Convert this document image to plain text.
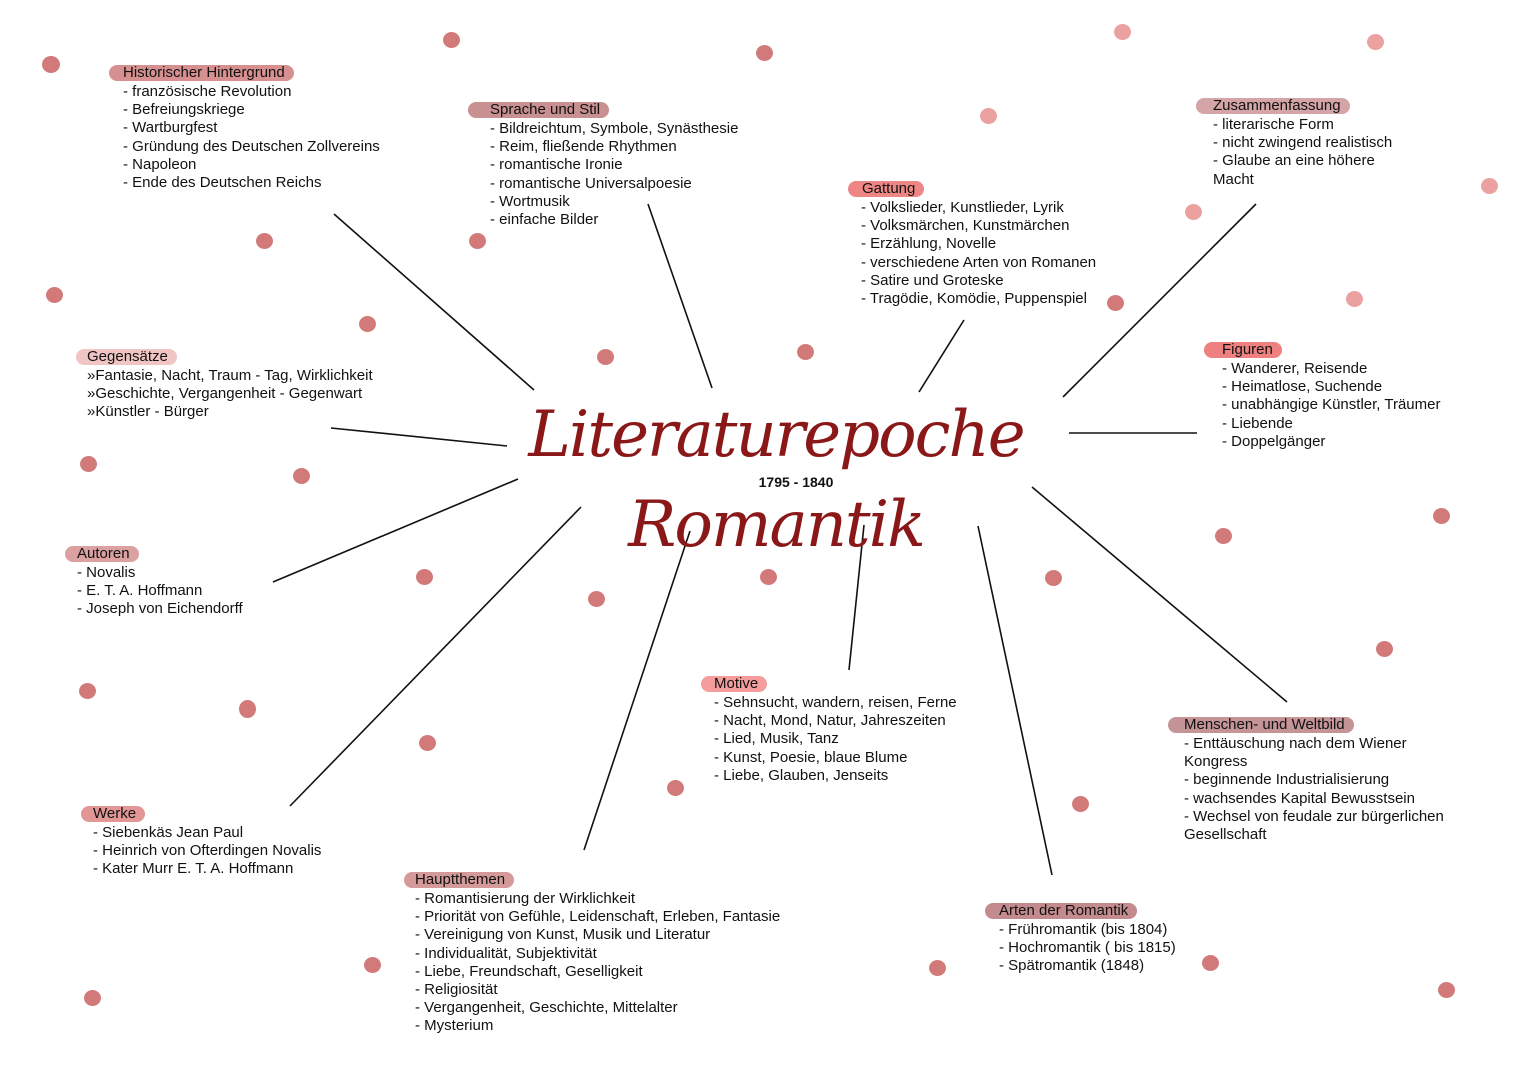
Literaturepoche Romantik
1795 - 1840
Historischer Hintergrund
- französische Revolution
- Befreiungskriege
- Wartburgfest
- Gründung des Deutschen Zollvereins
- Napoleon
- Ende des Deutschen Reichs
Sprache und Stil
- Bildreichtum, Symbole, Synästhesie
- Reim, fließende Rhythmen
- romantische Ironie
- romantische Universalpoesie
- Wortmusik
- einfache Bilder
Gattung
- Volkslieder, Kunstlieder, Lyrik
- Volksmärchen, Kunstmärchen
- Erzählung, Novelle
- verschiedene Arten von Romanen
- Satire und Groteske
- Tragödie, Komödie, Puppenspiel
Zusammenfassung
- literarische Form
- nicht zwingend realistisch
- Glaube an eine höhere
Macht
Gegensätze
»Fantasie, Nacht, Traum - Tag, Wirklichkeit
»Geschichte, Vergangenheit - Gegenwart
»Künstler - Bürger
Figuren
- Wanderer, Reisende
- Heimatlose, Suchende
- unabhängige Künstler, Träumer
- Liebende
- Doppelgänger
Autoren
- Novalis
- E. T. A. Hoffmann
- Joseph von Eichendorff
Motive
- Sehnsucht, wandern, reisen, Ferne
- Nacht, Mond, Natur, Jahreszeiten
- Lied, Musik, Tanz
- Kunst, Poesie, blaue Blume
- Liebe, Glauben, Jenseits
Menschen- und Weltbild
- Enttäuschung nach dem Wiener
Kongress
- beginnende Industrialisierung
- wachsendes Kapital Bewusstsein
- Wechsel von feudale zur bürgerlichen
Gesellschaft
Werke
- Siebenkäs Jean Paul
- Heinrich von Ofterdingen Novalis
- Kater Murr E. T. A. Hoffmann
Hauptthemen
- Romantisierung der Wirklichkeit
- Priorität von Gefühle, Leidenschaft, Erleben, Fantasie
- Vereinigung von Kunst, Musik und Literatur
- Individualität, Subjektivität
- Liebe, Freundschaft, Geselligkeit
- Religiosität
- Vergangenheit, Geschichte, Mittelalter
- Mysterium
Arten der Romantik
- Frühromantik (bis 1804)
- Hochromantik ( bis 1815)
- Spätromantik (1848)
